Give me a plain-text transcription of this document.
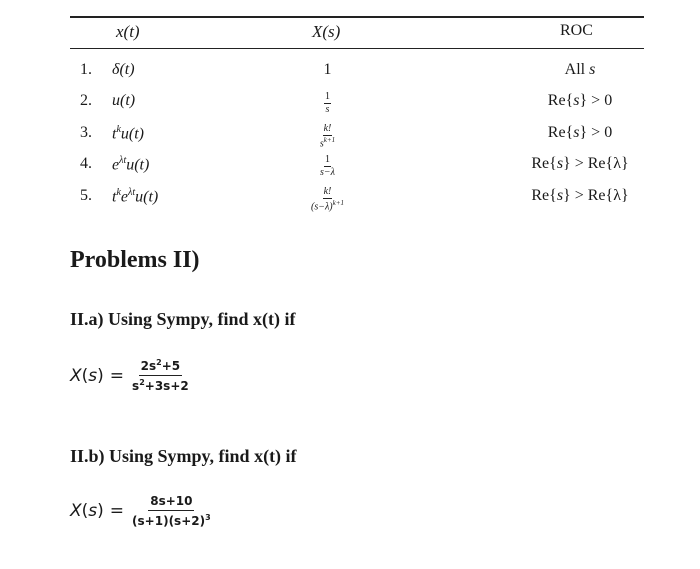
x(t)	X(s)	ROC
1. δ(t)	1	All s
2. u(t)	$\frac{1}{s}$	Re{s} > 0
3. $t^ku(t)$	$\frac{k!}{s^{k+1}}$	Re{s} > 0
4. $e^{\lambda t}u(t)$	$\frac{1}{s-\lambda}$	Re{s} > Re{λ}
5. $t^ke^{\lambda t}u(t)$	$\frac{k!}{(s-\lambda)^{k+1}}$	Re{s} > Re{λ}
Problems II)
II.a) Using Sympy, find x(t) if
$X(s) = \frac{2s^2+5}{s^2+3s+2}$
II.b) Using Sympy, find x(t) if
$X(s) = \frac{8s+10}{(s+1)(s+2)^3}$
